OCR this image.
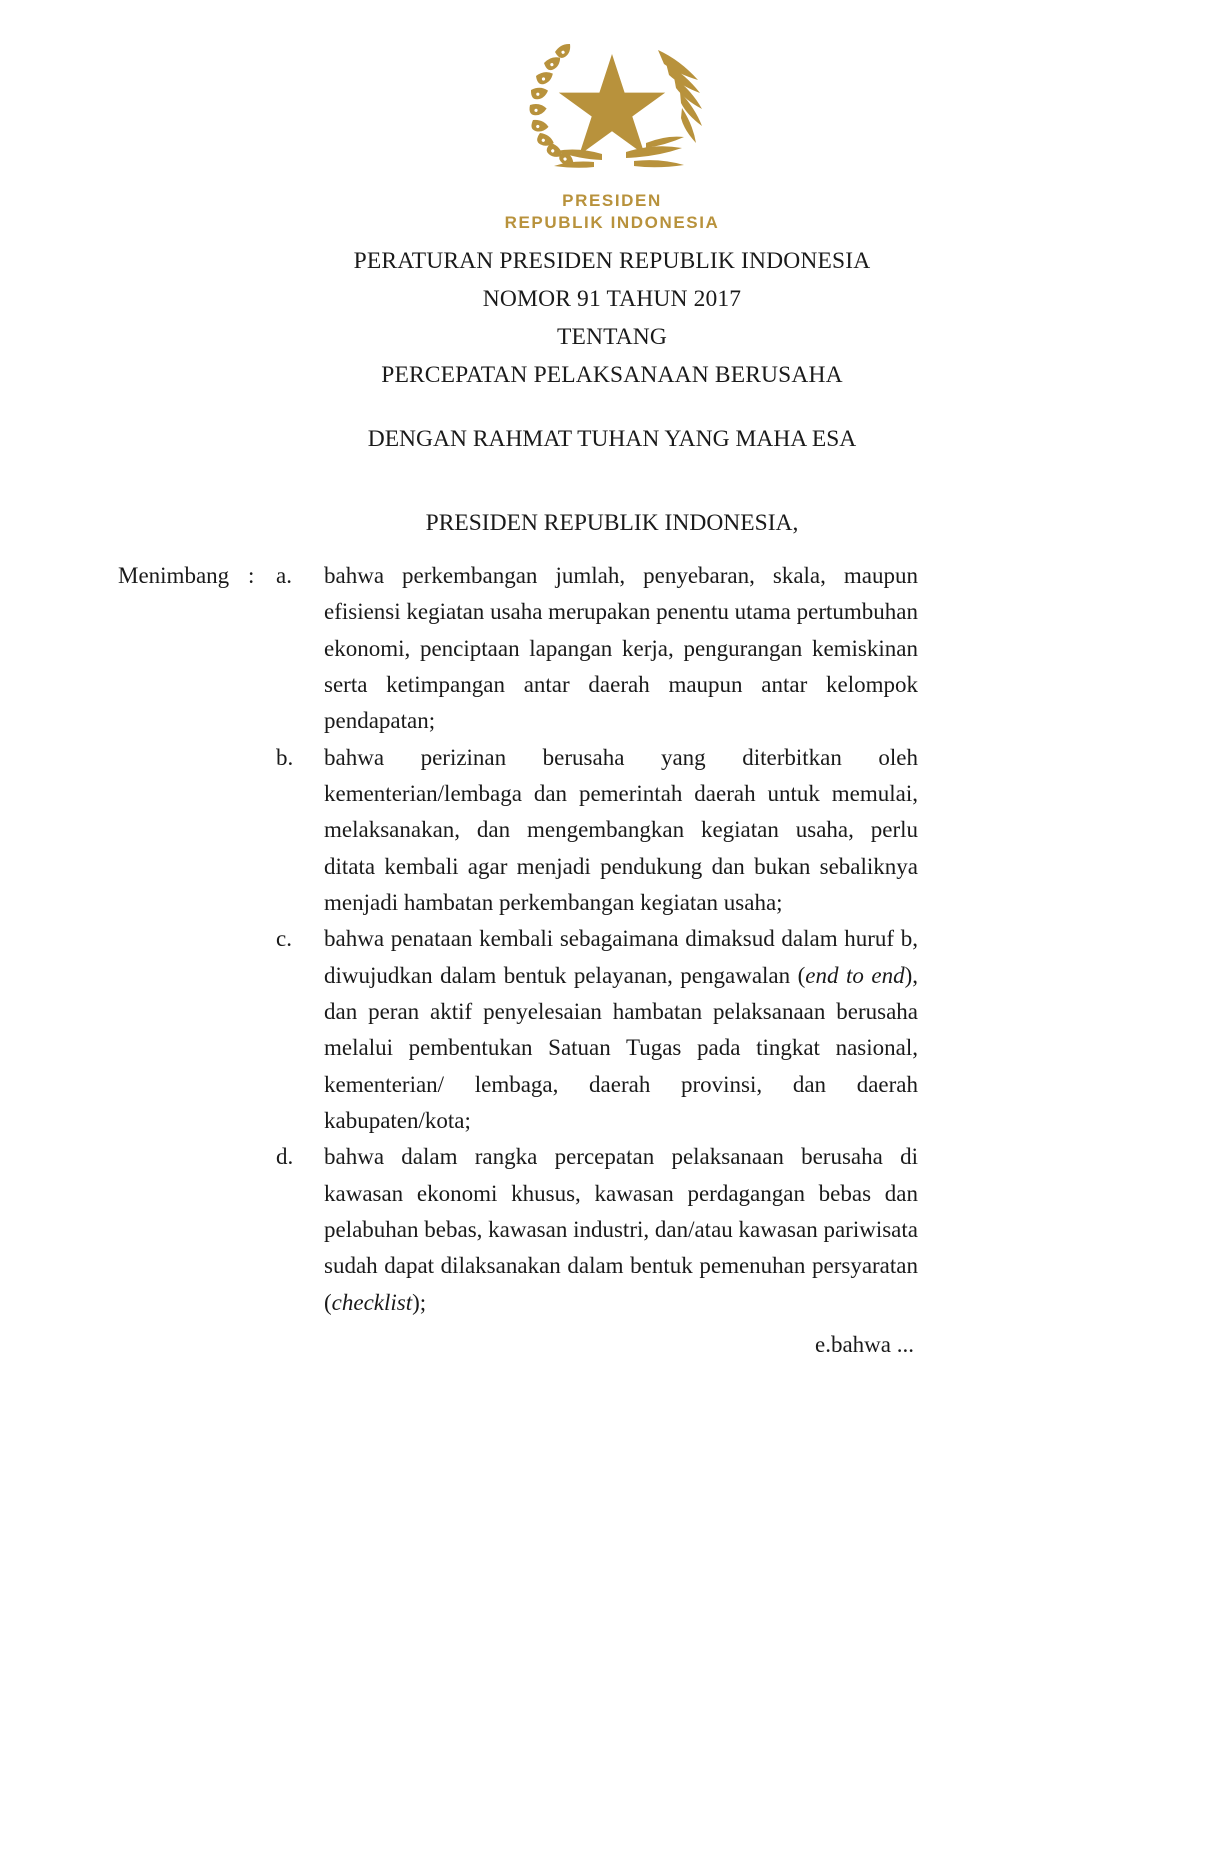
PRESIDEN
REPUBLIK INDONESIA
PERATURAN PRESIDEN REPUBLIK INDONESIA
NOMOR 91 TAHUN 2017
TENTANG
PERCEPATAN PELAKSANAAN BERUSAHA
DENGAN RAHMAT TUHAN YANG MAHA ESA
PRESIDEN REPUBLIK INDONESIA,
Menimbang : a.	bahwa perkembangan jumlah, penyebaran, skala, maupun efisiensi kegiatan usaha merupakan penentu utama pertumbuhan ekonomi, penciptaan lapangan kerja, pengurangan kemiskinan serta ketimpangan antar daerah maupun antar kelompok pendapatan;
b.	bahwa perizinan berusaha yang diterbitkan oleh kementerian/lembaga dan pemerintah daerah untuk memulai, melaksanakan, dan mengembangkan kegiatan usaha, perlu ditata kembali agar menjadi pendukung dan bukan sebaliknya menjadi hambatan perkembangan kegiatan usaha;
c.	bahwa penataan kembali sebagaimana dimaksud dalam huruf b, diwujudkan dalam bentuk pelayanan, pengawalan (end to end), dan peran aktif penyelesaian hambatan pelaksanaan berusaha melalui pembentukan Satuan Tugas pada tingkat nasional, kementerian/ lembaga, daerah provinsi, dan daerah kabupaten/kota;
d.	bahwa dalam rangka percepatan pelaksanaan berusaha di kawasan ekonomi khusus, kawasan perdagangan bebas dan pelabuhan bebas, kawasan industri, dan/atau kawasan pariwisata sudah dapat dilaksanakan dalam bentuk pemenuhan persyaratan (checklist);
e.bahwa ...
